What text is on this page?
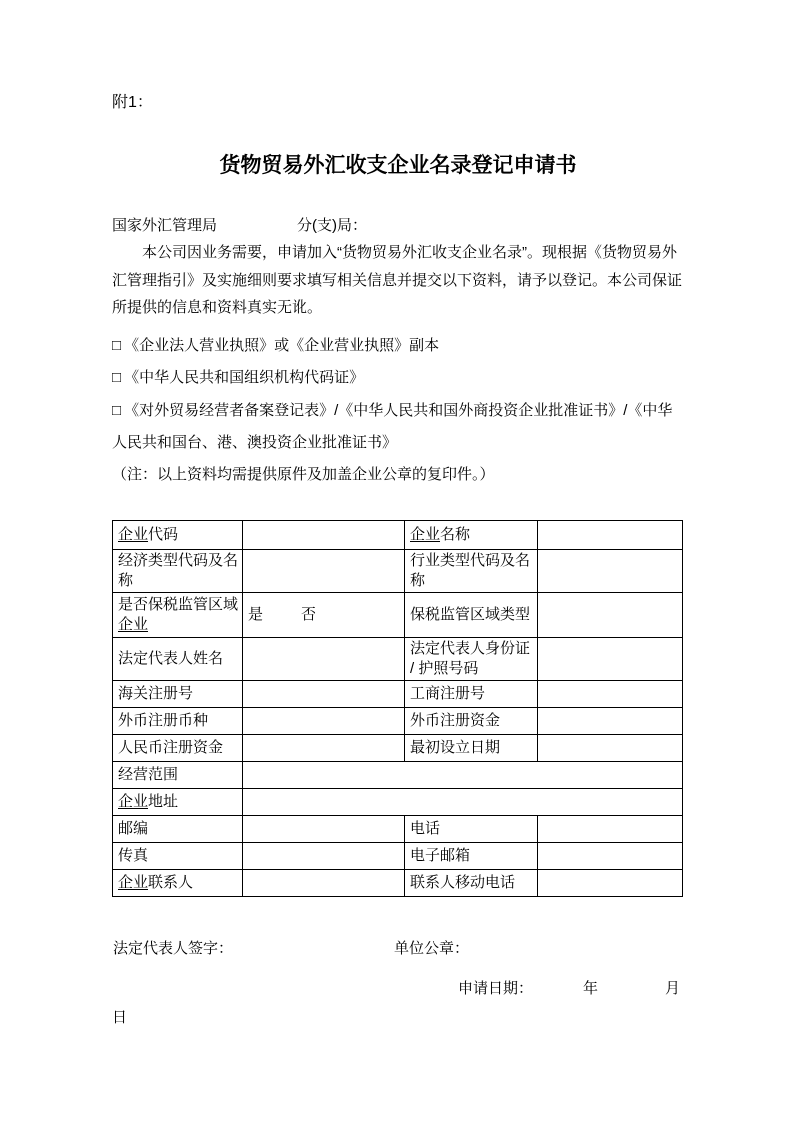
附1：
货物贸易外汇收支企业名录登记申请书
国家外汇管理局	分(支)局：
本公司因业务需要，申请加入“货物贸易外汇收支企业名录”。现根据《货物贸易外汇管理指引》及实施细则要求填写相关信息并提交以下资料，请予以登记。本公司保证所提供的信息和资料真实无讹。
□ 《企业法人营业执照》或《企业营业执照》副本
□ 《中华人民共和国组织机构代码证》
□ 《对外贸易经营者备案登记表》/《中华人民共和国外商投资企业批准证书》/《中华人民共和国台、港、澳投资企业批准证书》
（注：以上资料均需提供原件及加盖企业公章的复印件。）
企业代码		企业名称	
经济类型代码及名称		行业类型代码及名称	
是否保税监管区域企业	是 否	保税监管区域类型	
法定代表人姓名		法定代表人身份证 / 护照号码	
海关注册号		工商注册号	
外币注册币种		外币注册资金	
人民币注册资金		最初设立日期	
经营范围			
企业地址			
邮编		电话	
传真		电子邮箱	
企业联系人		联系人移动电话	
法定代表人签字：	单位公章：
申请日期：	年	月
日
